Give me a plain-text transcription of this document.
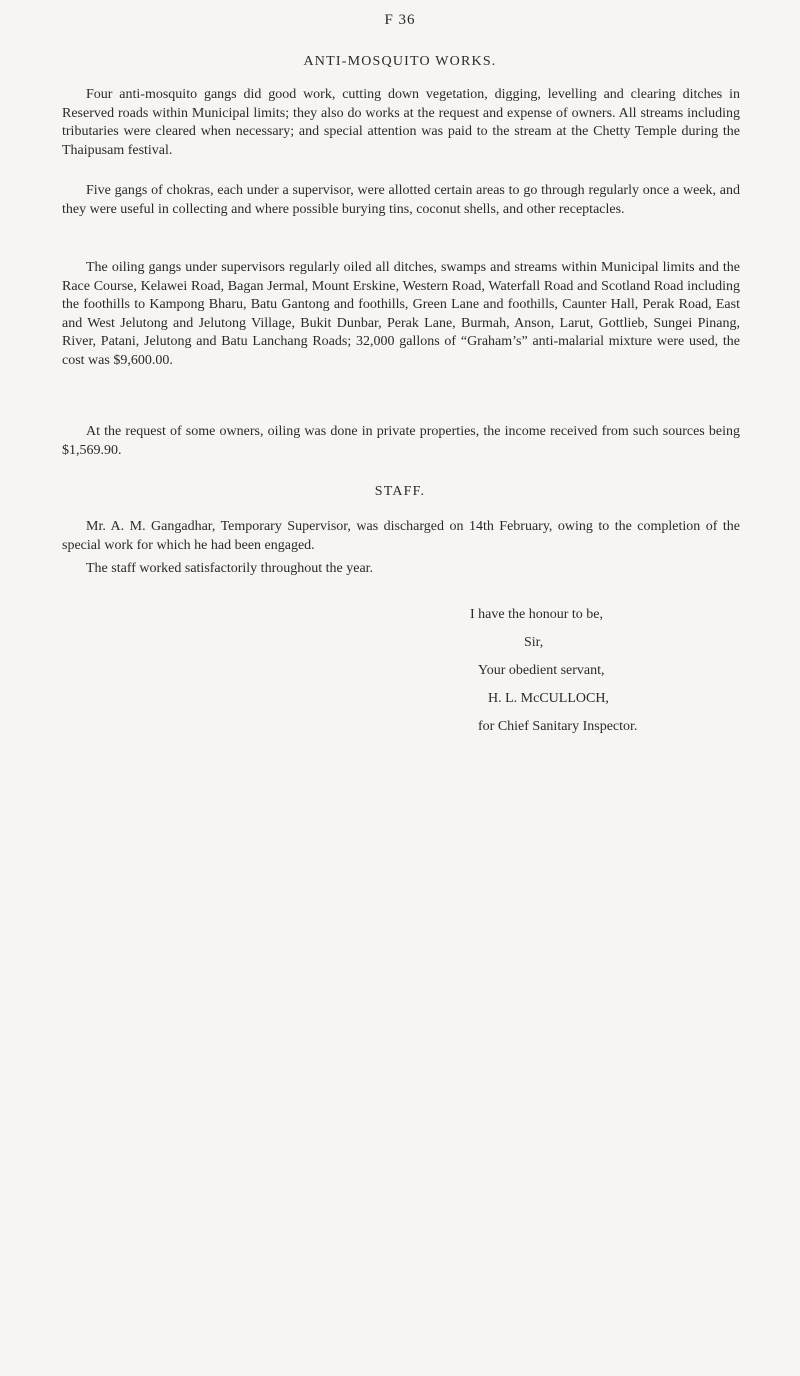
F 36
ANTI-MOSQUITO WORKS.

Four anti-mosquito gangs did good work, cutting down vegetation, digging, levelling and clearing ditches in Reserved roads within Municipal limits; they also do works at the request and expense of owners. All streams including tributaries were cleared when necessary; and special attention was paid to the stream at the Chetty Temple during the Thaipusam festival.

Five gangs of chokras, each under a supervisor, were allotted certain areas to go through regularly once a week, and they were useful in collecting and where possible burying tins, coconut shells, and other receptacles.

The oiling gangs under supervisors regularly oiled all ditches, swamps and streams within Municipal limits and the Race Course, Kelawei Road, Bagan Jermal, Mount Erskine, Western Road, Waterfall Road and Scotland Road including the foothills to Kampong Bharu, Batu Gantong and foothills, Green Lane and foothills, Caunter Hall, Perak Road, East and West Jelutong and Jelutong Village, Bukit Dunbar, Perak Lane, Burmah, Anson, Larut, Gottlieb, Sungei Pinang, River, Patani, Jelutong and Batu Lanchang Roads; 32,000 gallons of “Graham’s” anti-malarial mixture were used, the cost was $9,600.00.

At the request of some owners, oiling was done in private properties, the income received from such sources being $1,569.90.

STAFF.

Mr. A. M. Gangadhar, Temporary Supervisor, was discharged on 14th February, owing to the completion of the special work for which he had been engaged.

The staff worked satisfactorily throughout the year.

I have the honour to be,
Sir,
Your obedient servant,
H. L. McCULLOCH,
for Chief Sanitary Inspector.
